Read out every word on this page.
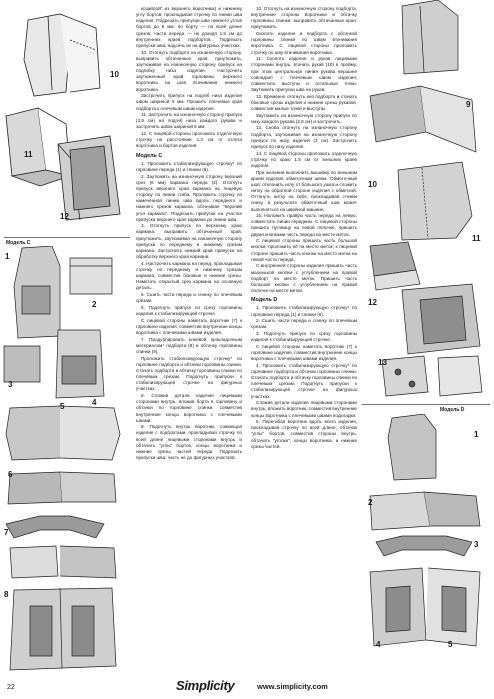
10
11
12
Модель С
1
2
3
4
5
6
7
8

козайлой" из верхнего воротника) и нижнему углу бортов, прокладывая строчку по линии шва изделия. Подрезать припуски шва нижнего углов бортов до 6 мм: по борту — по всей длине срезов, части переда — не доходя 1,5 см до внутренних краев подбортов. Подрезать припуски шва; надсечь их на фигурных участках.

10. Отогнуть подборта на изнаночную сторону, выправить обтачанные края, приутюжить, заутюживая на изнаночную сторону припуск на подгибку низа изделия. Настрочить заутюженный край горловины верхнего воротника на шов втачивания нижнего воротника.

Застрочить припуск на подгиб низа изделия швом шириной 6 мм. Прошить плечевые края подборта к плечевым швам изделия.

11. Застрочить на изнаночную сторону припуск (3,8 см) на подгиб низа каждого рукава и застрочить швом шириной 6 мм.

12. С лицевой стороны проложить отделочную строчку на расстоянии 1,3 см от отлета воротника и бортов изделия.

Модель С

1. Проложить стабилизирующую строчку* по горловине переда (1) и спинки (6).

2. Заутюжить на изнаночную сторону верхний срез (6 мм) кармана переда (2). Отогнуть припуск верхнего края кармана на лицевую сторону по линии сгиба. Проложить строчку по намеченной линии шва вдоль переднего и нижнего срезов кармана, обтачивая "верхний угол кармана". Подрезать припуски на участке припуска верхнего края кармана до линии шва.

3. Отогнуть припуск по верхнему краю кармана, выправить обтачанный край, приутюжить, заутюживая на изнаночную сторону припуски по переднему и нижнему срезам кармана. Застрочить нижний край припуска на обработку верхнего края кармана.

4. Настрочить кармана на перед, прокладывая строчку по переднему и нижнему срезам кармана, совместив боковые и нижние срезы. Наметать открытый срез кармана на основную деталь.

5. Сшить части переда и спинку по плечевым срезам.

6. Подогнуть припуск по срезу горловины изделия к стабилизирующей строчке.

С лицевой стороны наметать воротник (7) к горловине изделия, совместив внутренние концы воротника с плечевыми швами изделия.

7. Продублировать клеевой прокладочным материалом* подборта (8) и обтачку горловины спинки (9).

Проложить стабилизирующую строчку* по горловине подборта и обтачки горловины спинки. Стачать подборта и обтачку горловины спинки по плечевым срезам. Подогнуть припуски к стабилизирующей строчке на фигурных участках.

8. Сложив детали изделия лицевыми сторонами внутрь, вложив борта в горловину и обтачки по горловине спинки, совместив внутренние концы воротника с плечевыми швами.

9. Подогнуть внутрь воротник, совмещая изделие с подбортами, прокладывая строчку по всей длине лицевыми сторонами внутрь и обтачать "углы" бортов, концы воротника и нижние срезы частей переда. Подрезать припуски шва: часть не до фигурных участков.

10. Отогнуть на изнаночную сторону подборта, внутренние стороны воротника и обтачку горловины спинки, выправить обтачанные края: приутюжить.

Сколоть изделие и подборта с обтачкой горловины спинки по швам втачивания воротника. С лицевой стороны проложить строчку по шву втачивания воротника.

11. Сколоть изделие и рукав лицевыми сторонами внутрь, втачать рукав (10) в пройму, при этом центральная линия рукава вершине совпадает с плечевым швом изделия; совместить выступы и остальные точки. Заутюжить припуски шва на рукав.

12. Временно отогнуть низ подборта и стачать боковые срезы изделия и нижние срезы рукавов, совместив малые точки и выступы.

Заутюжить на изнаночную сторону припуск по низу каждого рукава (2,8 см) и застрочить.

13. Снова отогнуть на изнаночную сторону подборта, заутюживая на изнаночную сторону припуск по низу изделия (3 см). Застрочить припуск по низу изделия.

14. С лицевой стороны проложить отделочную строчку по краю 1,5 см от внешних краев изделия.

При желании выполнить вышивку по внешним краям изделия обметочным швом. Обметочный шов: отклонить иглу от большого ушка и сложить нитку на обратной стороне изделия с обметкой. Оттянуть нитку на себя, прокладывая стежки снизу, в результате обметочный шов может выполняться на швейной машине.

15. Наложить правую часть переда на левую, совместить линии середины. С лицевой стороны пришить пуговицу на левой полочке, пришить двумя кнопками часть переда на месте меток.

С лицевой стороны пришить часть большой кнопки, проложить её на место меток; к лицевой стороне пришить часть кнопки на место метки на левой части переда.

С внутренней стороны изделия пришить часть маленькой кнопки с углублением на правой подборт на месте меток. Пришить часть большой кнопки с углублением на правой полочке на месте метки.

Модель D

1. Проложить стабилизирующую строчку* по горловине переда (1) и спинки (6).

2. Сшить части переда и спинку по плечевым срезам.

3. Подогнуть припуск по срезу горловины изделия к стабилизирующей строчке.

С лицевой стороны наметать воротник (7) к горловине изделия, совместив внутренние концы воротника с плечевыми швами изделия.

4. Проложить стабилизирующую строчку* по горловине подборта и обтачки горловины спинки. Стачать подборта и обтачку горловины спинки по плечевым срезам. Подогнуть припуски к стабилизирующей строчке на фигурных участках.

Сложив детали изделия лицевыми сторонами внутрь, вложить воротник, совместив внутренние концы воротника с плечевыми швами подкладки.

5. Перегибая воротник вдоль всего изделия, прокладывая строчку по всей длине, обтачав "углы" бортов, совместив стороны внутрь, обтачать "уголки", концы воротника, и нижние срезы частей.

9
10
11
12
13
Модель D
1
2
3
4	5
22	Simplicity	www.simplicity.com
